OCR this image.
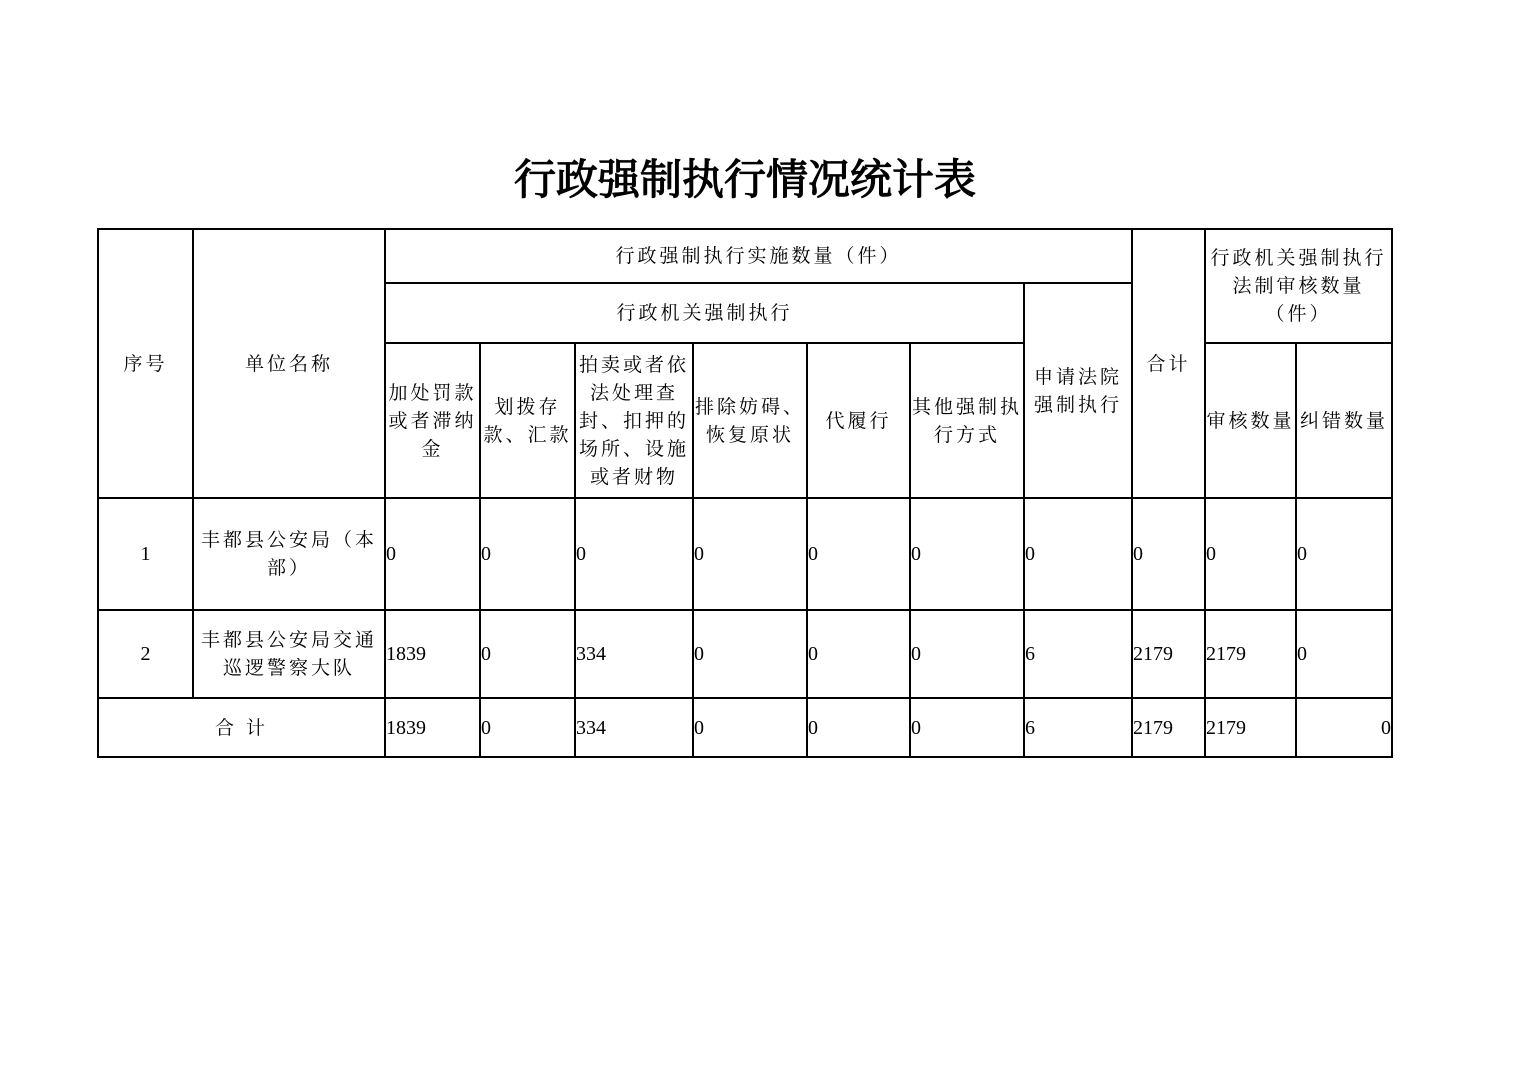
行政强制执行情况统计表
序号	单位名称	行政强制执行实施数量（件）							合计	行政机关强制执行法制审核数量（件）	
		行政机关强制执行						申请法院强制执行			
		加处罚款或者滞纳金	划拨存款、汇款	拍卖或者依法处理查封、扣押的场所、设施或者财物	排除妨碍、恢复原状	代履行	其他强制执行方式			审核数量	纠错数量
1	丰都县公安局（本部）	0	0	0	0	0	0	0	0	0	0
2	丰都县公安局交通巡逻警察大队	1839	0	334	0	0	0	6	2179	2179	0
合 计		1839	0	334	0	0	0	6	2179	2179	0
